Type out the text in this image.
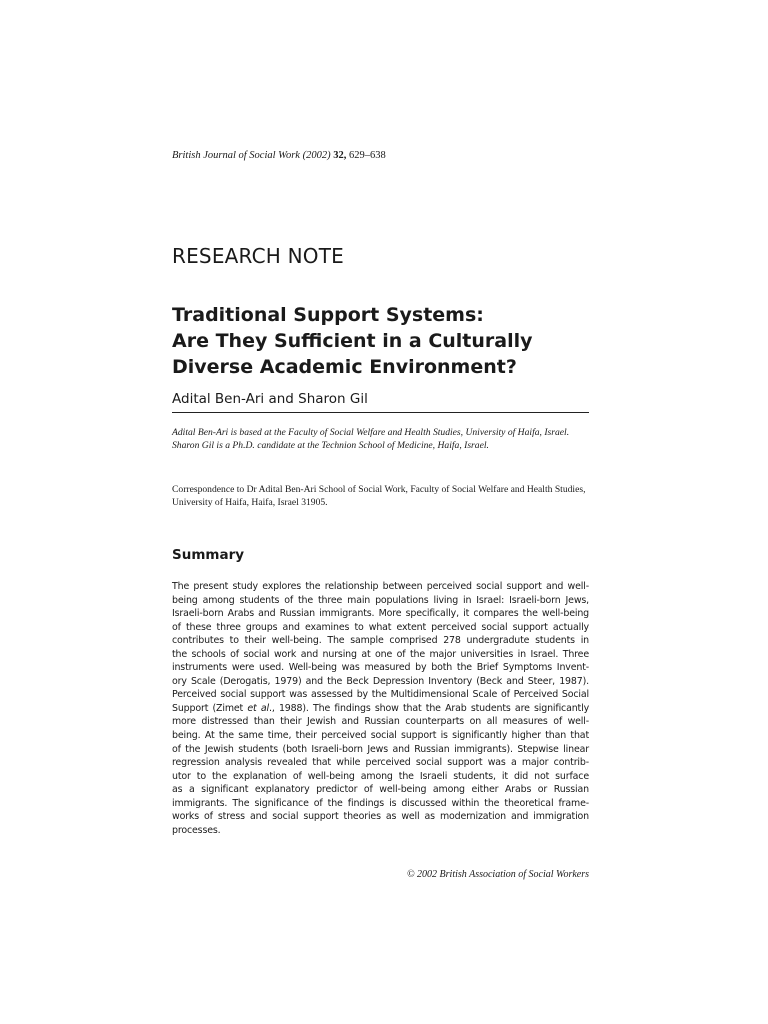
British Journal of Social Work (2002) 32, 629–638
RESEARCH NOTE
Traditional Support Systems:
Are They Sufficient in a Culturally
Diverse Academic Environment?
Adital Ben-Ari and Sharon Gil

Adital Ben-Ari is based at the Faculty of Social Welfare and Health Studies, University of Haifa, Israel.

Sharon Gil is a Ph.D. candidate at the Technion School of Medicine, Haifa, Israel.

Correspondence to Dr Adital Ben-Ari School of Social Work, Faculty of Social Welfare and Health Studies, University of Haifa, Haifa, Israel 31905.

Summary
The present study explores the relationship between perceived social support and well-
being among students of the three main populations living in Israel: Israeli-born Jews,
Israeli-born Arabs and Russian immigrants. More specifically, it compares the well-being
of these three groups and examines to what extent perceived social support actually
contributes to their well-being. The sample comprised 278 undergradute students in
the schools of social work and nursing at one of the major universities in Israel. Three
instruments were used. Well-being was measured by both the Brief Symptoms Invent-
ory Scale (Derogatis, 1979) and the Beck Depression Inventory (Beck and Steer, 1987).
Perceived social support was assessed by the Multidimensional Scale of Perceived Social
Support (Zimet et al., 1988). The findings show that the Arab students are significantly
more distressed than their Jewish and Russian counterparts on all measures of well-
being. At the same time, their perceived social support is significantly higher than that
of the Jewish students (both Israeli-born Jews and Russian immigrants). Stepwise linear
regression analysis revealed that while perceived social support was a major contrib-
utor to the explanation of well-being among the Israeli students, it did not surface
as a significant explanatory predictor of well-being among either Arabs or Russian
immigrants. The significance of the findings is discussed within the theoretical frame-
works of stress and social support theories as well as modernization and immigration
processes.
© 2002 British Association of Social Workers
